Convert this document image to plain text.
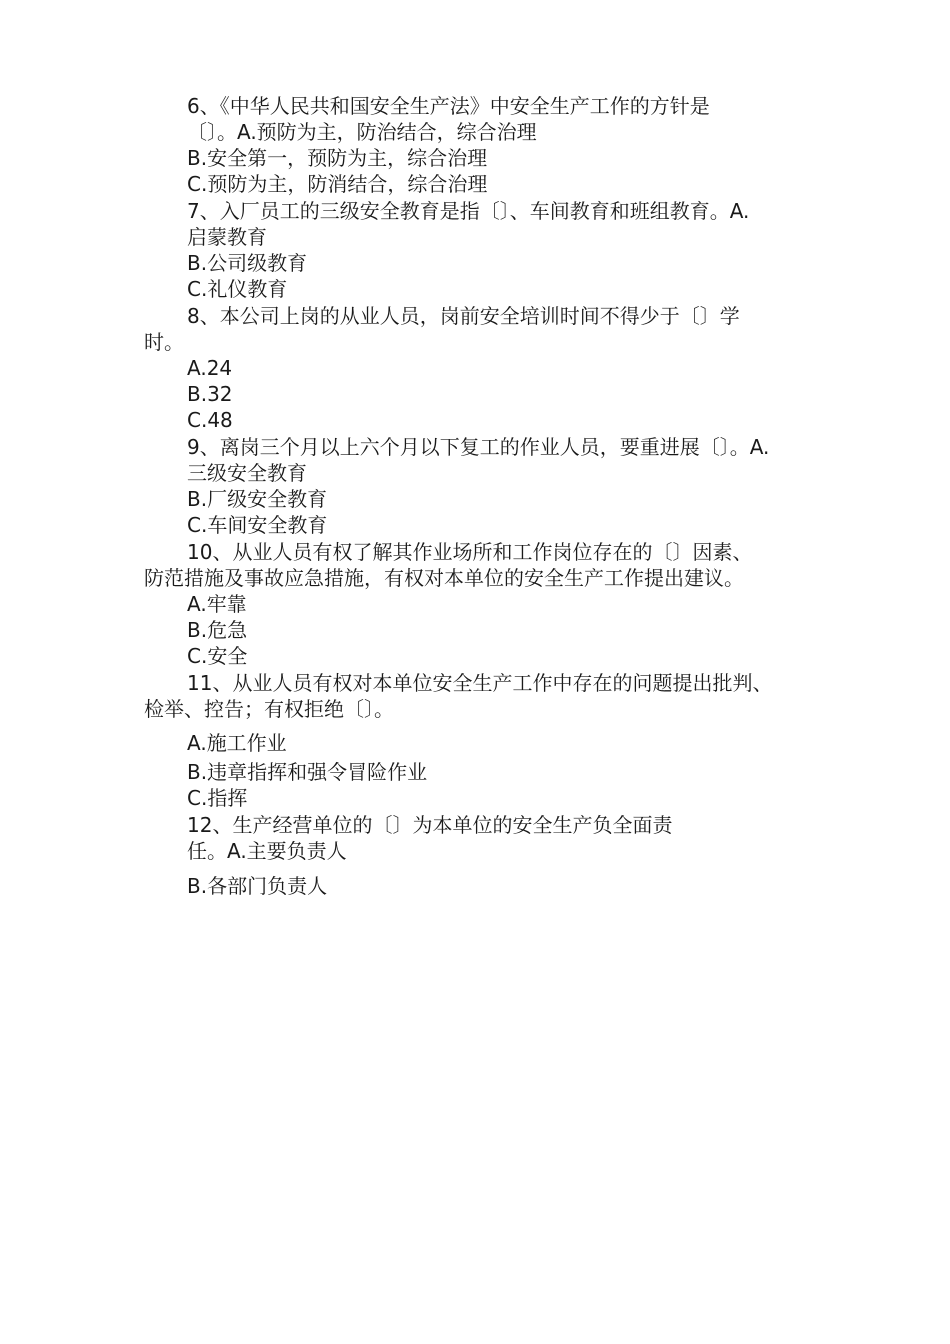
6、《中华人民共和国安全生产法》中安全生产工作的方针是
〔〕。A.预防为主，防治结合，综合治理
B.安全第一，预防为主，综合治理
C.预防为主，防消结合，综合治理
7、入厂员工的三级安全教育是指〔〕、车间教育和班组教育。A.
启蒙教育
B.公司级教育
C.礼仪教育
8、本公司上岗的从业人员，岗前安全培训时间不得少于〔〕学
时。
A.24
B.32
C.48
9、离岗三个月以上六个月以下复工的作业人员，要重进展〔〕。A.
三级安全教育
B.厂级安全教育
C.车间安全教育
10、从业人员有权了解其作业场所和工作岗位存在的〔〕因素、
防范措施及事故应急措施，有权对本单位的安全生产工作提出建议。
A.牢靠
B.危急
C.安全
11、从业人员有权对本单位安全生产工作中存在的问题提出批判、
检举、控告；有权拒绝〔〕。
A.施工作业
B.违章指挥和强令冒险作业
C.指挥
12、生产经营单位的〔〕为本单位的安全生产负全面责
任。A.主要负责人
B.各部门负责人
